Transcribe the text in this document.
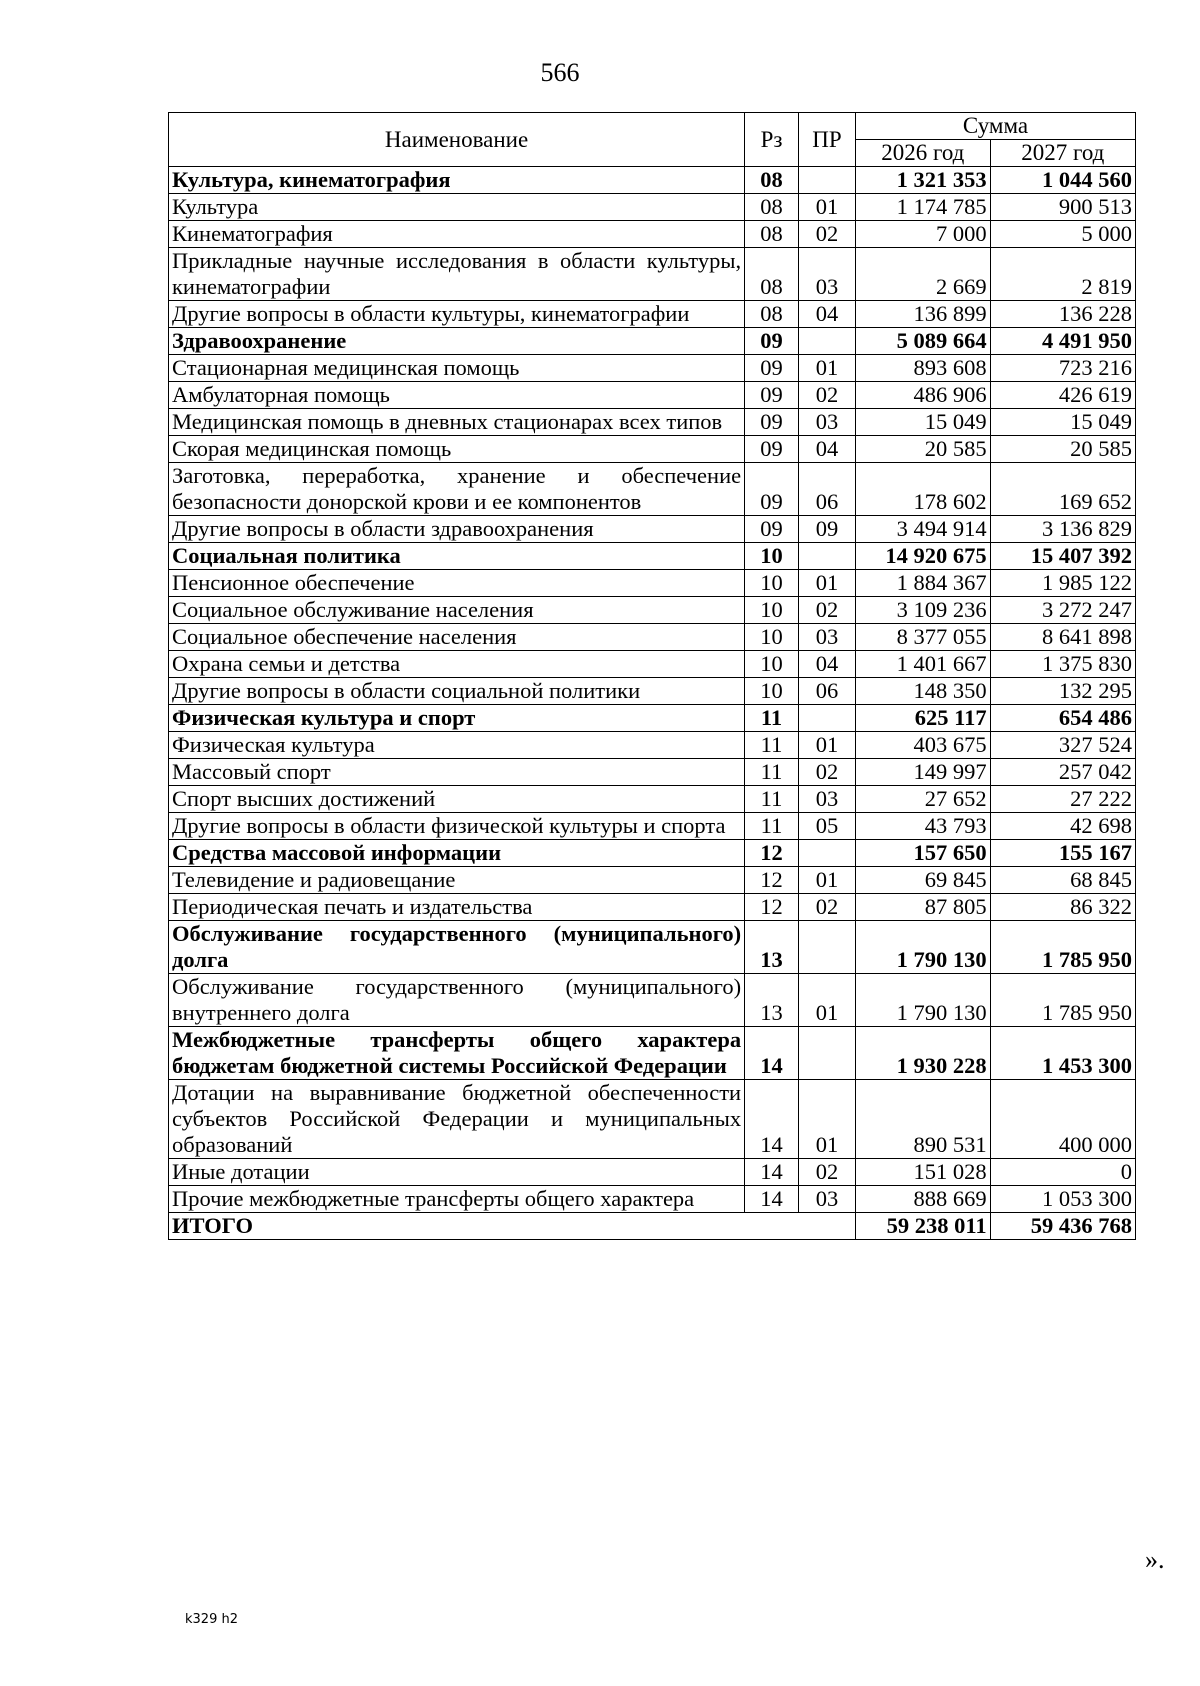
566
Наименование	Рз	ПР	Сумма	
			2026 год	2027 год
Культура, кинематография	08		1 321 353	1 044 560
Культура	08	01	1 174 785	900 513
Кинематография	08	02	7 000	5 000
Прикладные научные исследования в области культуры, кинематографии	08	03	2 669	2 819
Другие вопросы в области культуры, кинематографии	08	04	136 899	136 228
Здравоохранение	09		5 089 664	4 491 950
Стационарная медицинская помощь	09	01	893 608	723 216
Амбулаторная помощь	09	02	486 906	426 619
Медицинская помощь в дневных стационарах всех типов	09	03	15 049	15 049
Скорая медицинская помощь	09	04	20 585	20 585
Заготовка, переработка, хранение и обеспечение безопасности донорской крови и ее компонентов	09	06	178 602	169 652
Другие вопросы в области здравоохранения	09	09	3 494 914	3 136 829
Социальная политика	10		14 920 675	15 407 392
Пенсионное обеспечение	10	01	1 884 367	1 985 122
Социальное обслуживание населения	10	02	3 109 236	3 272 247
Социальное обеспечение населения	10	03	8 377 055	8 641 898
Охрана семьи и детства	10	04	1 401 667	1 375 830
Другие вопросы в области социальной политики	10	06	148 350	132 295
Физическая культура и спорт	11		625 117	654 486
Физическая культура	11	01	403 675	327 524
Массовый спорт	11	02	149 997	257 042
Спорт высших достижений	11	03	27 652	27 222
Другие вопросы в области физической культуры и спорта	11	05	43 793	42 698
Средства массовой информации	12		157 650	155 167
Телевидение и радиовещание	12	01	69 845	68 845
Периодическая печать и издательства	12	02	87 805	86 322
Обслуживание государственного (муниципального) долга	13		1 790 130	1 785 950
Обслуживание государственного (муниципального) внутреннего долга	13	01	1 790 130	1 785 950
Межбюджетные трансферты общего характера бюджетам бюджетной системы Российской Федерации	14		1 930 228	1 453 300
Дотации на выравнивание бюджетной обеспеченности субъектов Российской Федерации и муниципальных образований	14	01	890 531	400 000
Иные дотации	14	02	151 028	0
Прочие межбюджетные трансферты общего характера	14	03	888 669	1 053 300
ИТОГО			59 238 011	59 436 768
».
k329 h2
